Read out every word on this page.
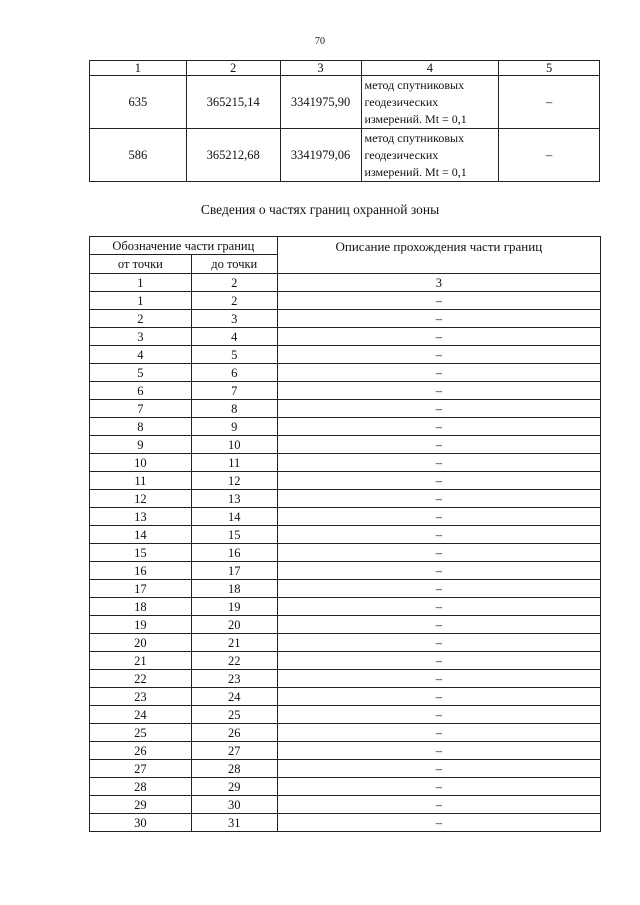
70
1	2	3	4	5
635	365215,14	3341975,90	метод спутниковых
геодезических
измерений. Mt = 0,1	–
586	365212,68	3341979,06	метод спутниковых
геодезических
измерений. Mt = 0,1	–
Сведения о частях границ охранной зоны
Обозначение части границ		Описание прохождения части границ
от точки	до точки	
1	2	3
1	2	–
2	3	–
3	4	–
4	5	–
5	6	–
6	7	–
7	8	–
8	9	–
9	10	–
10	11	–
11	12	–
12	13	–
13	14	–
14	15	–
15	16	–
16	17	–
17	18	–
18	19	–
19	20	–
20	21	–
21	22	–
22	23	–
23	24	–
24	25	–
25	26	–
26	27	–
27	28	–
28	29	–
29	30	–
30	31	–
